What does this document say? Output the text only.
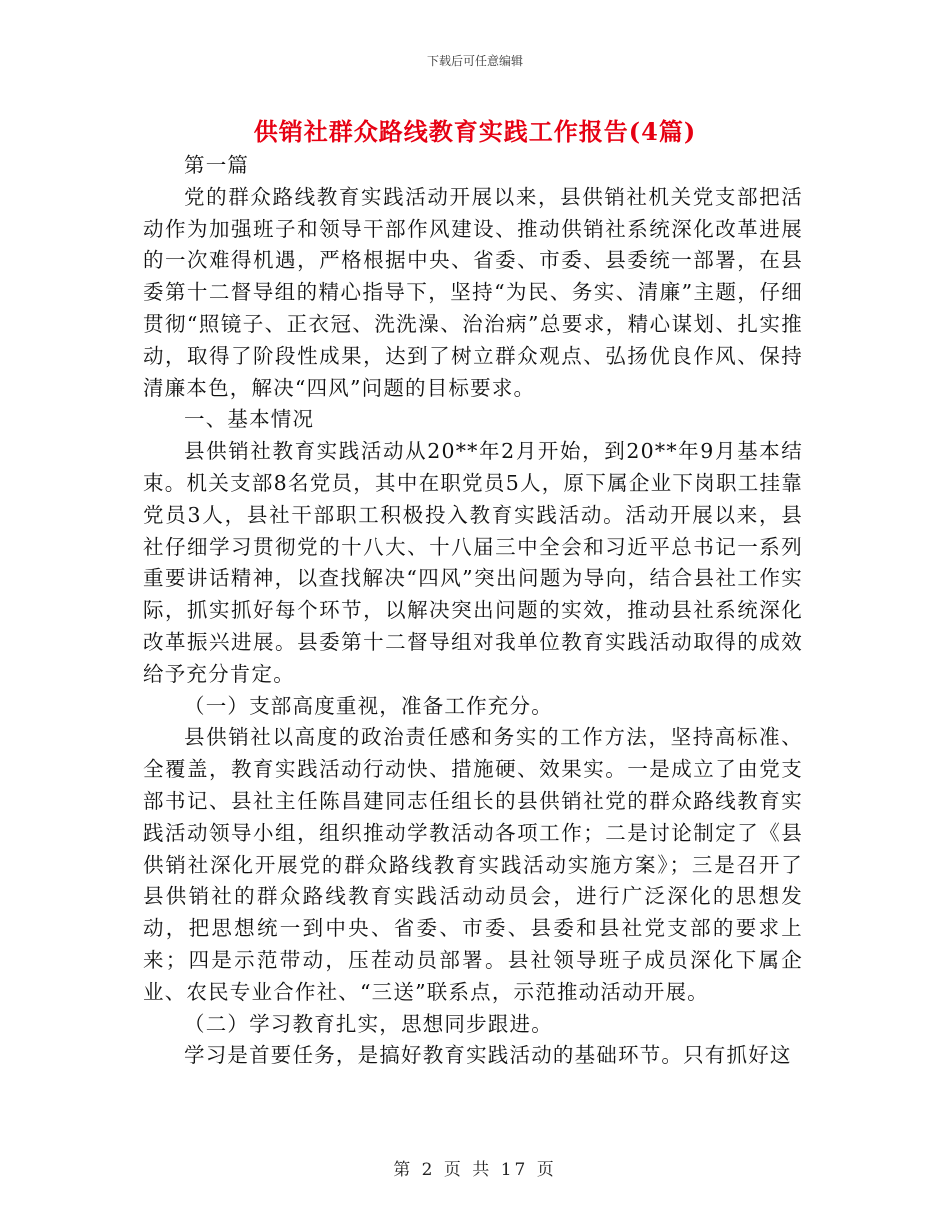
下载后可任意编辑
供销社群众路线教育实践工作报告(4篇)

第一篇

党的群众路线教育实践活动开展以来，县供销社机关党支部把活动作为加强班子和领导干部作风建设、推动供销社系统深化改革进展的一次难得机遇，严格根据中央、省委、市委、县委统一部署，在县委第十二督导组的精心指导下，坚持“为民、务实、清廉”主题，仔细贯彻“照镜子、正衣冠、洗洗澡、治治病”总要求，精心谋划、扎实推动，取得了阶段性成果，达到了树立群众观点、弘扬优良作风、保持清廉本色，解决“四风”问题的目标要求。

一、基本情况

县供销社教育实践活动从20**年2月开始，到20**年9月基本结束。机关支部8名党员，其中在职党员5人，原下属企业下岗职工挂靠党员3人，县社干部职工积极投入教育实践活动。活动开展以来，县社仔细学习贯彻党的十八大、十八届三中全会和习近平总书记一系列重要讲话精神，以查找解决“四风”突出问题为导向，结合县社工作实际，抓实抓好每个环节，以解决突出问题的实效，推动县社系统深化改革振兴进展。县委第十二督导组对我单位教育实践活动取得的成效给予充分肯定。

（一）支部高度重视，准备工作充分。

县供销社以高度的政治责任感和务实的工作方法，坚持高标准、全覆盖，教育实践活动行动快、措施硬、效果实。一是成立了由党支部书记、县社主任陈昌建同志任组长的县供销社党的群众路线教育实践活动领导小组，组织推动学教活动各项工作；二是讨论制定了《县供销社深化开展党的群众路线教育实践活动实施方案》；三是召开了县供销社的群众路线教育实践活动动员会，进行广泛深化的思想发动，把思想统一到中央、省委、市委、县委和县社党支部的要求上来；四是示范带动，压茬动员部署。县社领导班子成员深化下属企业、农民专业合作社、“三送”联系点，示范推动活动开展。

（二）学习教育扎实，思想同步跟进。

学习是首要任务，是搞好教育实践活动的基础环节。只有抓好这

第 2 页 共 17 页
